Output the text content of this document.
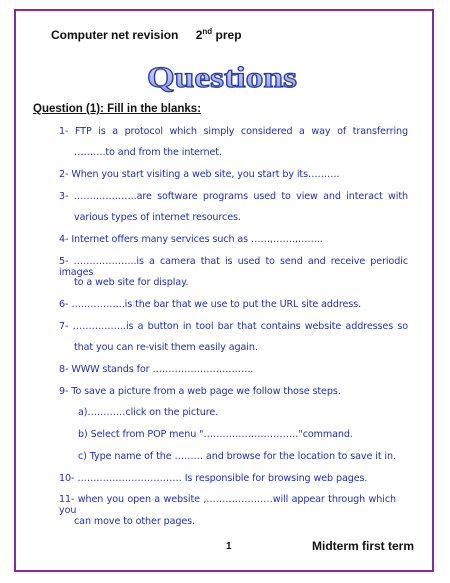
Computer net revision 2nd prep
Questions
Question (1): Fill in the blanks:
1- FTP is a protocol which simply considered a way of transferring
……….to and from the internet.
2- When you start visiting a web site, you start by its……….
3- ………………..are software programs used to view and interact with
various types of internet resources.
4- Internet offers many services such as ……,…….,……..
5- ………………..is a camera that is used to send and receive periodic images
to a web site for display.
6- ……………..is the bar that we use to put the URL site address.
7- ……………..is a button in tool bar that contains website addresses so
that you can re-visit them easily again.
8- WWW stands for …………………………..
9- To save a picture from a web page we follow those steps.
a)…………click on the picture.
b) Select from POP menu "…………………………"command.
c) Type name of the ……… and browse for the location to save it in.
10- …………………………… Is responsible for browsing web pages.
11- when you open a website ,…………………will appear through which you
can move to other pages.
1	Midterm first term
